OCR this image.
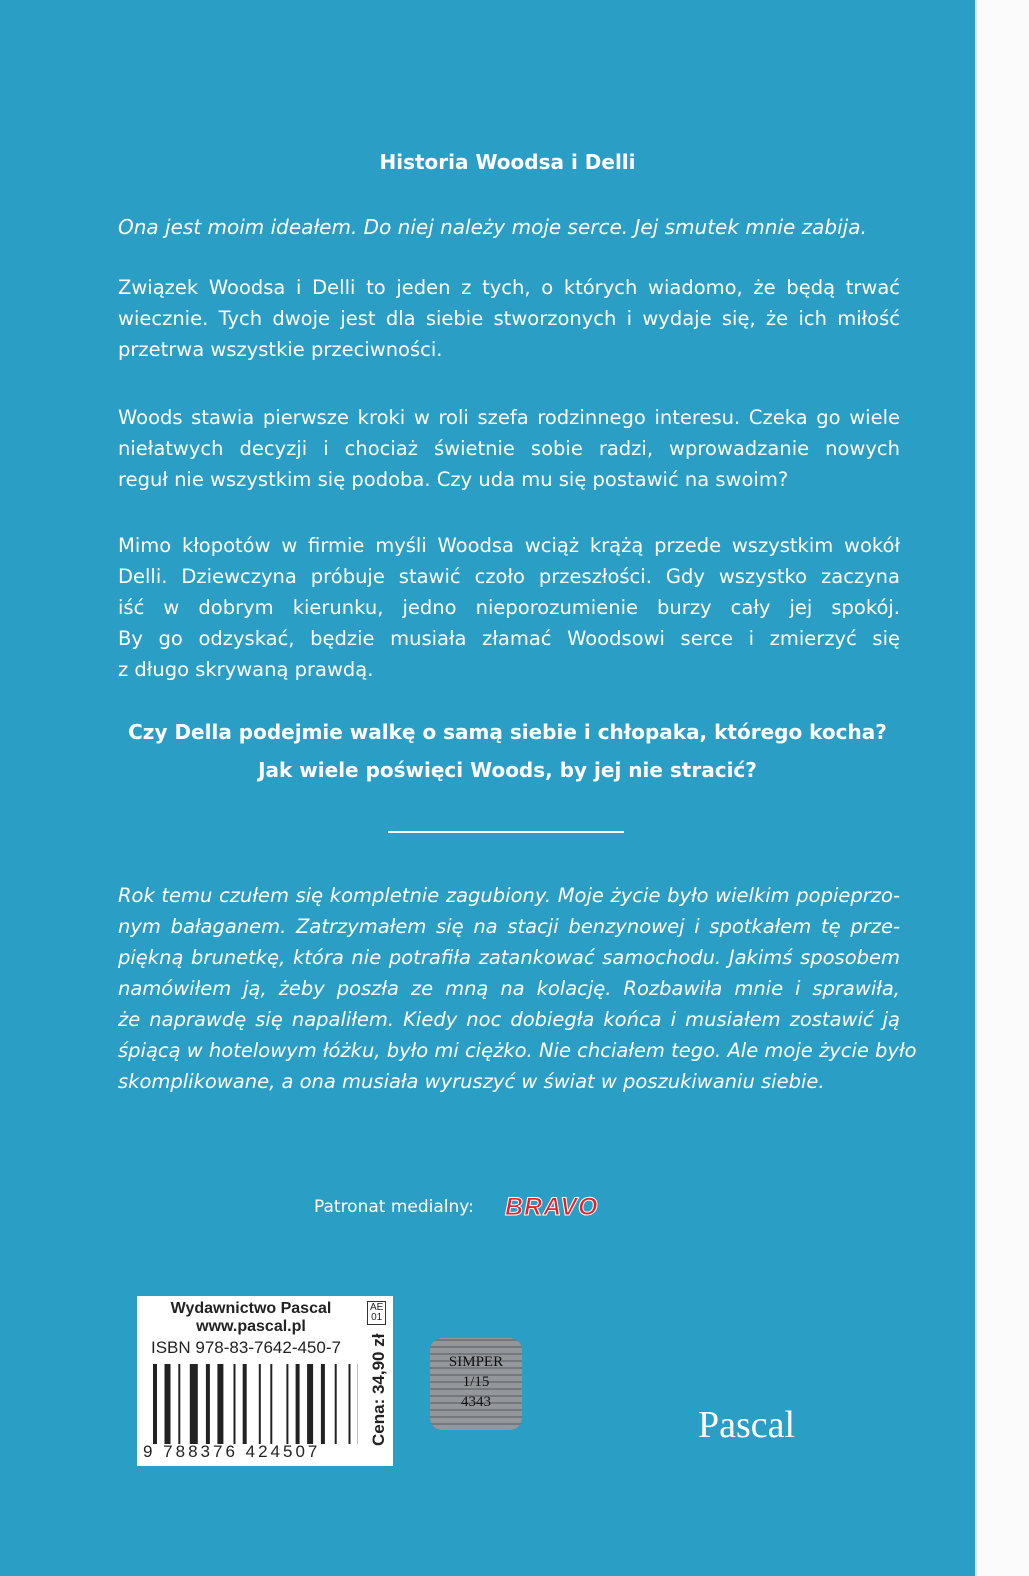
Historia Woodsa i Delli
Ona jest moim ideałem. Do niej należy moje serce. Jej smutek mnie zabija.
Związek Woodsa i Delli to jeden z tych, o których wiadomo, że będą trwać
wiecznie. Tych dwoje jest dla siebie stworzonych i wydaje się, że ich miłość
przetrwa wszystkie przeciwności.
Woods stawia pierwsze kroki w roli szefa rodzinnego interesu. Czeka go wiele
niełatwych decyzji i chociaż świetnie sobie radzi, wprowadzanie nowych
reguł nie wszystkim się podoba. Czy uda mu się postawić na swoim?
Mimo kłopotów w firmie myśli Woodsa wciąż krążą przede wszystkim wokół
Delli. Dziewczyna próbuje stawić czoło przeszłości. Gdy wszystko zaczyna
iść w dobrym kierunku, jedno nieporozumienie burzy cały jej spokój.
By go odzyskać, będzie musiała złamać Woodsowi serce i zmierzyć się
z długo skrywaną prawdą.
Czy Della podejmie walkę o samą siebie i chłopaka, którego kocha?
Jak wiele poświęci Woods, by jej nie stracić?
Rok temu czułem się kompletnie zagubiony. Moje życie było wielkim popieprzo-
nym bałaganem. Zatrzymałem się na stacji benzynowej i spotkałem tę prze-
piękną brunetkę, która nie potrafiła zatankować samochodu. Jakimś sposobem
namówiłem ją, żeby poszła ze mną na kolację. Rozbawiła mnie i sprawiła,
że naprawdę się napaliłem. Kiedy noc dobiegła końca i musiałem zostawić ją
śpiącą w hotelowym łóżku, było mi ciężko. Nie chciałem tego. Ale moje życie było
skomplikowane, a ona musiała wyruszyć w świat w poszukiwaniu siebie.
Patronat medialny: BRAVO
Wydawnictwo Pascal
www.pascal.pl
AE
01
ISBN 978-83-7642-450-7
9 788376 424507
Cena: 34,90 zł	SIMPER
1/15
4343
Pascal
